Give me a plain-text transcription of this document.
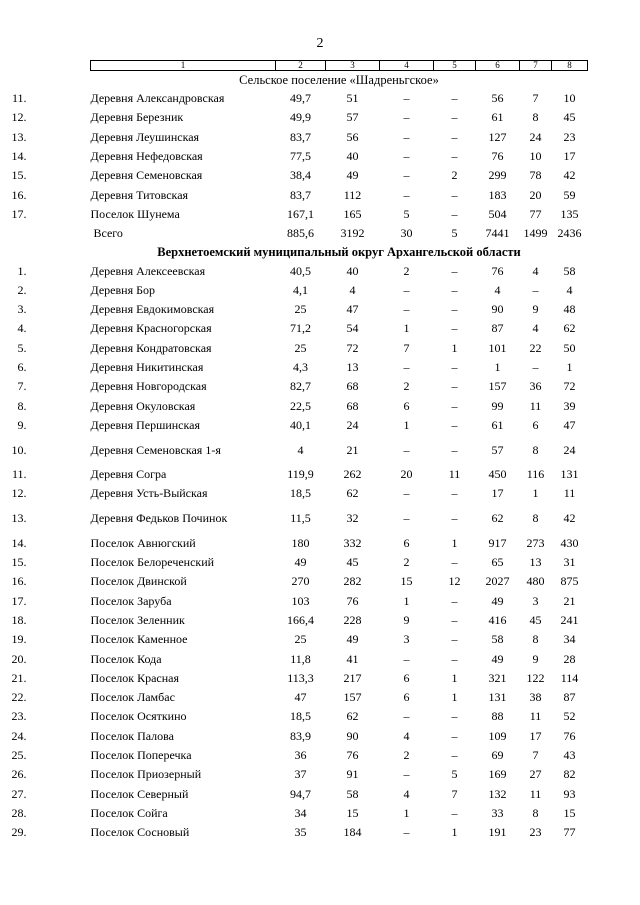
2
1	2	3	4	5	6	7	8
Сельское поселение «Шадреньгское»							

11. Деревня Александровская	49,7	51	–	–	56	7	10

12. Деревня Березник	49,9	57	–	–	61	8	45

13. Деревня Леушинская	83,7	56	–	–	127	24	23

14. Деревня Нефедовская	77,5	40	–	–	76	10	17

15. Деревня Семеновская	38,4	49	–	2	299	78	42

16. Деревня Титовская	83,7	112	–	–	183	20	59

17. Поселок Шунема	167,1	165	5	–	504	77	135
Всего	885,6	3192	30	5	7441	1499	2436
Верхнетоемский муниципальный округ Архангельской области							

1. Деревня Алексеевская	40,5	40	2	–	76	4	58

2. Деревня Бор	4,1	4	–	–	4	–	4

3. Деревня Евдокимовская	25	47	–	–	90	9	48

4. Деревня Красногорская	71,2	54	1	–	87	4	62

5. Деревня Кондратовская	25	72	7	1	101	22	50

6. Деревня Никитинская	4,3	13	–	–	1	–	1

7. Деревня Новгородская	82,7	68	2	–	157	36	72

8. Деревня Окуловская	22,5	68	6	–	99	11	39

9. Деревня Першинская	40,1	24	1	–	61	6	47

10. Деревня Семеновская 1-я	4	21	–	–	57	8	24

11. Деревня Согра	119,9	262	20	11	450	116	131

12. Деревня Усть-Выйская	18,5	62	–	–	17	1	11

13. Деревня Федьков Починок	11,5	32	–	–	62	8	42

14. Поселок Авнюгский	180	332	6	1	917	273	430

15. Поселок Белореченский	49	45	2	–	65	13	31

16. Поселок Двинской	270	282	15	12	2027	480	875

17. Поселок Заруба	103	76	1	–	49	3	21

18. Поселок Зеленник	166,4	228	9	–	416	45	241

19. Поселок Каменное	25	49	3	–	58	8	34

20. Поселок Кода	11,8	41	–	–	49	9	28

21. Поселок Красная	113,3	217	6	1	321	122	114

22. Поселок Ламбас	47	157	6	1	131	38	87

23. Поселок Осяткино	18,5	62	–	–	88	11	52

24. Поселок Палова	83,9	90	4	–	109	17	76

25. Поселок Поперечка	36	76	2	–	69	7	43

26. Поселок Приозерный	37	91	–	5	169	27	82

27. Поселок Северный	94,7	58	4	7	132	11	93

28. Поселок Сойга	34	15	1	–	33	8	15

29. Поселок Сосновый	35	184	–	1	191	23	77
